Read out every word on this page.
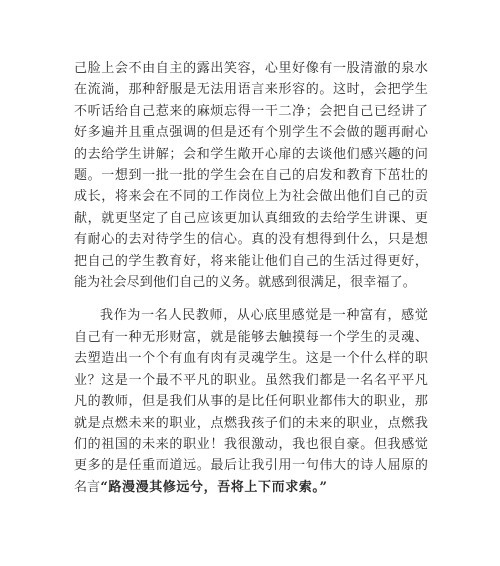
己脸上会不由自主的露出笑容，心里好像有一股清澈的泉水在流淌，那种舒服是无法用语言来形容的。这时，会把学生不听话给自己惹来的麻烦忘得一干二净；会把自己已经讲了好多遍并且重点强调的但是还有个别学生不会做的题再耐心的去给学生讲解；会和学生敞开心扉的去谈他们感兴趣的问题。一想到一批一批的学生会在自己的启发和教育下茁壮的成长，将来会在不同的工作岗位上为社会做出他们自己的贡献，就更坚定了自己应该更加认真细致的去给学生讲课、更有耐心的去对待学生的信心。真的没有想得到什么，只是想把自己的学生教育好，将来能让他们自己的生活过得更好，能为社会尽到他们自己的义务。就感到很满足，很幸福了。

我作为一名人民教师，从心底里感觉是一种富有，感觉自己有一种无形财富，就是能够去触摸每一个学生的灵魂、去塑造出一个个有血有肉有灵魂学生。这是一个什么样的职业？这是一个最不平凡的职业。虽然我们都是一名名平平凡凡的教师，但是我们从事的是比任何职业都伟大的职业，那就是点燃未来的职业，点燃我孩子们的未来的职业，点燃我们的祖国的未来的职业！我很激动，我也很自豪。但我感觉更多的是任重而道远。最后让我引用一句伟大的诗人屈原的名言“路漫漫其修远兮，吾将上下而求索。”
